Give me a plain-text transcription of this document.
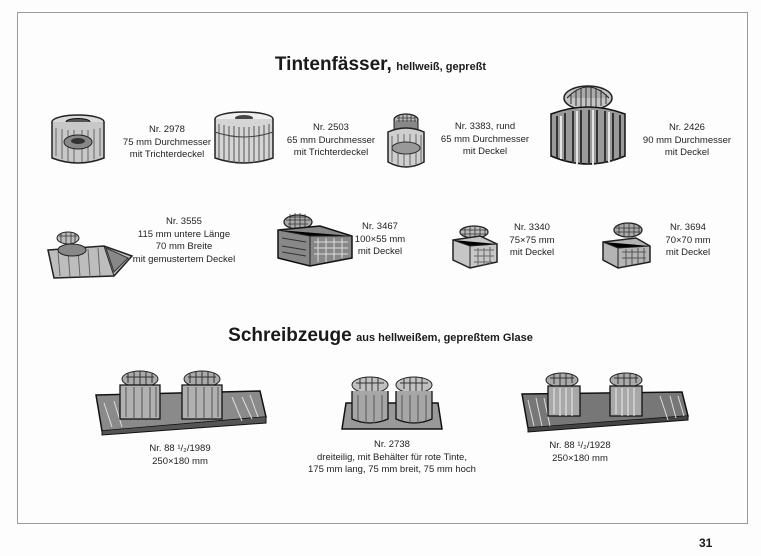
Tintenfässer, hellweiß, gepreßt
Nr. 2978
75 mm Durchmesser
mit Trichterdeckel
Nr. 2503
65 mm Durchmesser
mit Trichterdeckel
Nr. 3383, rund
65 mm Durchmesser
mit Deckel
Nr. 2426
90 mm Durchmesser
mit Deckel
Nr. 3555
115 mm untere Länge
70 mm Breite
mit gemustertem Deckel
Nr. 3467
100×55 mm
mit Deckel
Nr. 3340
75×75 mm
mit Deckel
Nr. 3694
70×70 mm
mit Deckel
Schreibzeuge aus hellweißem, gepreßtem Glase
Nr. 88 ¹/₂/1989
250×180 mm
Nr. 2738
dreiteilig, mit Behälter für rote Tinte,
175 mm lang, 75 mm breit, 75 mm hoch
Nr. 88 ¹/₂/1928
250×180 mm
31
